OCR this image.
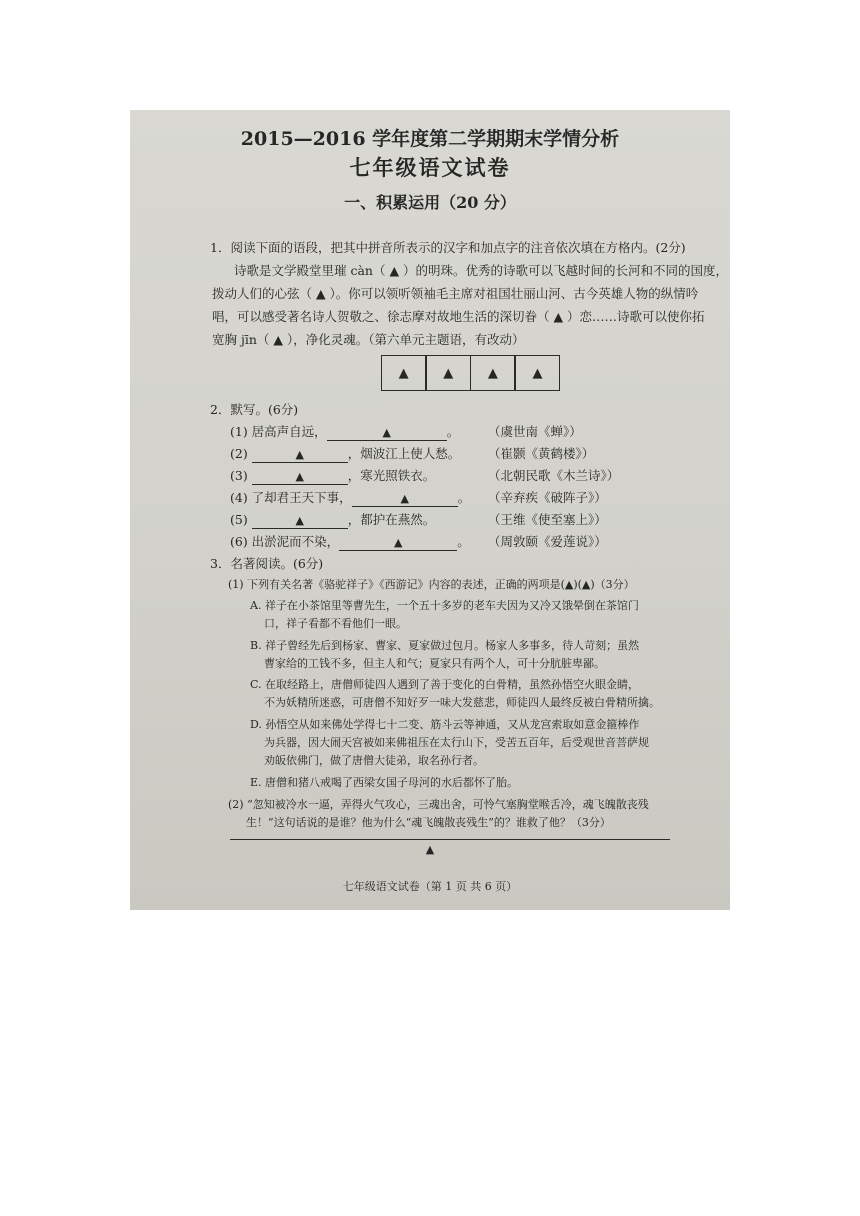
2015—2016 学年度第二学期期末学情分析
七年级语文试卷
一、积累运用（20 分）
1．阅读下面的语段，把其中拼音所表示的汉字和加点字的注音依次填在方格内。(2分)
诗歌是文学殿堂里璀 càn（ ▲ ）的明珠。优秀的诗歌可以飞越时间的长河和不同的国度，
拨动人们的心弦（ ▲ ）。你可以领听领袖毛主席对祖国壮丽山河、古今英雄人物的纵情吟
唱，可以感受著名诗人贺敬之、徐志摩对故地生活的深切眷（ ▲ ）恋……诗歌可以使你拓
宽胸 jīn（ ▲ ），净化灵魂。（第六单元主题语，有改动）
▲	▲	▲	▲
2．默写。(6分)
(1) 居高声自远，	▲	。 （虞世南《蝉》）
(2)	▲	，烟波江上使人愁。 （崔颢《黄鹤楼》）
(3)	▲	，寒光照铁衣。	（北朝民歌《木兰诗》）
(4) 了却君王天下事，	▲	。 （辛弃疾《破阵子》）
(5)	▲	，都护在燕然。	（王维《使至塞上》）
(6) 出淤泥而不染，	▲	。 （周敦颐《爱莲说》）
3．名著阅读。(6分)
(1) 下列有关名著《骆驼祥子》《西游记》内容的表述，正确的两项是(▲)(▲)（3分）
A. 祥子在小茶馆里等曹先生，一个五十多岁的老车夫因为又冷又饿晕倒在茶馆门
口，祥子看都不看他们一眼。
B. 祥子曾经先后到杨家、曹家、夏家做过包月。杨家人多事多，待人苛刻；虽然
曹家给的工钱不多，但主人和气；夏家只有两个人，可十分肮脏卑鄙。
C. 在取经路上，唐僧师徒四人遇到了善于变化的白骨精，虽然孙悟空火眼金睛，
不为妖精所迷惑，可唐僧不知好歹一味大发慈悲，师徒四人最终反被白骨精所擒。
D. 孙悟空从如来佛处学得七十二变、筋斗云等神通，又从龙宫索取如意金箍棒作
为兵器，因大闹天宫被如来佛祖压在太行山下，受苦五百年，后受观世音菩萨规
劝皈依佛门，做了唐僧大徒弟，取名孙行者。
E. 唐僧和猪八戒喝了西梁女国子母河的水后都怀了胎。
(2) “忽知被冷水一逼，弄得火气攻心，三魂出舍，可怜气塞胸堂喉舌冷，魂飞魄散丧残
生！”这句话说的是谁？他为什么“魂飞魄散丧残生”的？谁救了他？（3分）
▲
七年级语文试卷（第 1 页 共 6 页）
